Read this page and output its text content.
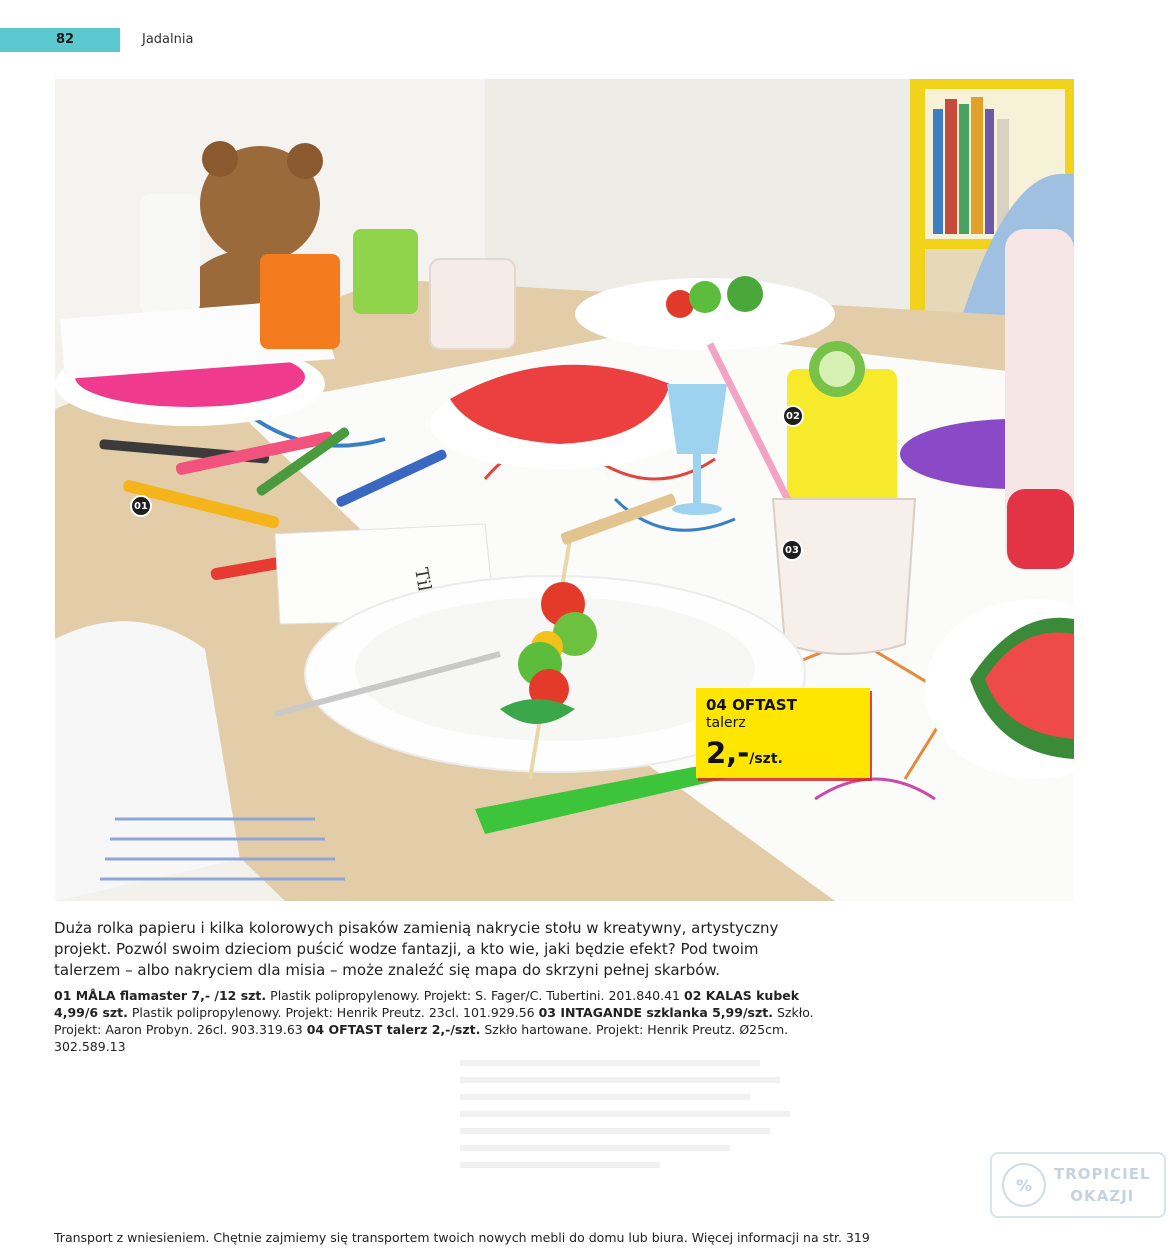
82	Jadalnia
01
02
03
04 OFTAST
talerz
2,-/szt.

Duża rolka papieru i kilka kolorowych pisaków zamienią nakrycie stołu w kreatywny, artystyczny projekt. Pozwól swoim dzieciom puścić wodze fantazji, a kto wie, jaki będzie efekt? Pod twoim talerzem – albo nakryciem dla misia – może znaleźć się mapa do skrzyni pełnej skarbów.

01 MÅLA flamaster 7,- /12 szt. Plastik polipropylenowy. Projekt: S. Fager/C. Tubertini. 201.840.41 02 KALAS kubek 4,99/6 szt. Plastik polipropylenowy. Projekt: Henrik Preutz. 23cl. 101.929.56 03 INTAGANDE szklanka 5,99/szt. Szkło. Projekt: Aaron Probyn. 26cl. 903.319.63 04 OFTAST talerz 2,-/szt. Szkło hartowane. Projekt: Henrik Preutz. Ø25cm. 302.589.13

Transport z wniesieniem. Chętnie zajmiemy się transportem twoich nowych mebli do domu lub biura. Więcej informacji na str. 319
%
TROPICIEL
OKAZJI
